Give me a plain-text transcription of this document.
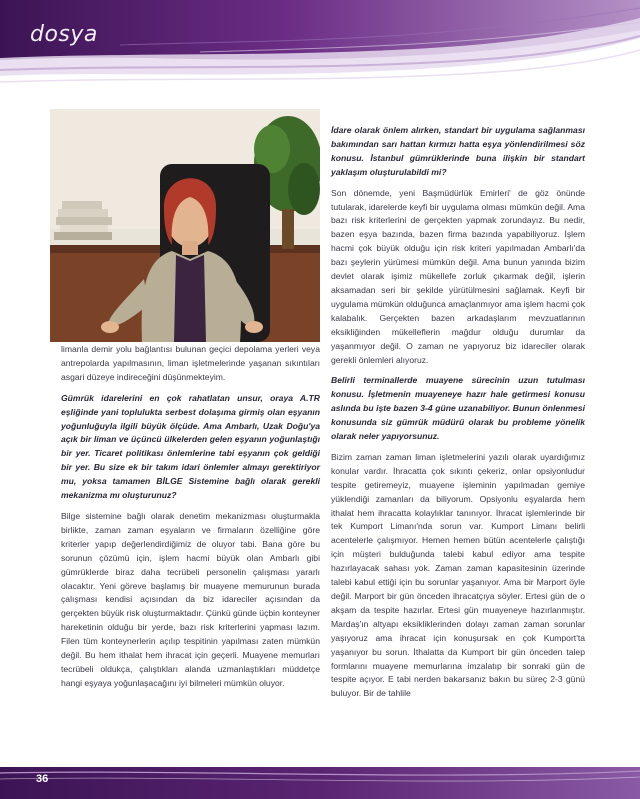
dosya

limanla demir yolu bağlantısı bulunan geçici depolama yerleri veya antrepolarda yapılmasının, liman işletmelerinde yaşanan sıkıntıları asgari düzeye indireceğini düşünmekteyim.

Gümrük idarelerini en çok rahatlatan unsur, oraya A.TR eşliğinde yani toplulukta serbest dolaşıma girmiş olan eşyanın yoğunluğuyla ilgili büyük ölçüde. Ama Ambarlı, Uzak Doğu'ya açık bir liman ve üçüncü ülkelerden gelen eşyanın yoğunlaştığı bir yer. Ticaret politikası önlemlerine tabi eşyanın çok geldiği bir yer. Bu size ek bir takım idari önlemler almayı gerektiriyor mu, yoksa tamamen BİLGE Sistemine bağlı olarak gerekli mekanizma mı oluşturunuz?

Bilge sistemine bağlı olarak denetim mekanizması oluşturmakla birlikte, zaman zaman eşyaların ve firmaların özelliğine göre kriterler yapıp değerlendirdiğimiz de oluyor tabi. Bana göre bu sorunun çözümü için, işlem hacmi büyük olan Ambarlı gibi gümrüklerde biraz daha tecrübeli personelin çalışması yararlı olacaktır. Yeni göreve başlamış bir muayene memurunun burada çalışması kendisi açısından da biz idareciler açısından da gerçekten büyük risk oluşturmaktadır. Çünkü günde üçbin konteyner hareketinin olduğu bir yerde, bazı risk kriterlerini yapması lazım. Filen tüm konteynerlerin açılıp tespitinin yapılması zaten mümkün değil. Bu hem ithalat hem ihracat için geçerli. Muayene memurları tecrübeli oldukça, çalıştıkları alanda uzmanlaştıkları müddetçe hangi eşyaya yoğunlaşacağını iyi bilmeleri mümkün oluyor.

İdare olarak önlem alırken, standart bir uygulama sağlanması bakımından sarı hattan kırmızı hatta eşya yönlendirilmesi söz konusu. İstanbul gümrüklerinde buna ilişkin bir standart yaklaşım oluşturulabildi mi?

Son dönemde, yeni Başmüdürlük Emirleri' de göz önünde tutularak, idarelerde keyfi bir uygulama olması mümkün değil. Ama bazı risk kriterlerini de gerçekten yapmak zorundayız. Bu nedir, bazen eşya bazında, bazen firma bazında yapabiliyoruz. İşlem hacmi çok büyük olduğu için risk kriteri yapılmadan Ambarlı'da bazı şeylerin yürümesi mümkün değil. Ama bunun yanında bizim devlet olarak işimiz mükellefe zorluk çıkarmak değil, işlerin aksamadan seri bir şekilde yürütülmesini sağlamak. Keyfi bir uygulama mümkün olduğunca amaçlanmıyor ama işlem hacmi çok kalabalık. Gerçekten bazen arkadaşlarım mevzuatlarının eksikliğinden mükelleflerin mağdur olduğu durumlar da yaşanmıyor değil. O zaman ne yapıyoruz biz idareciler olarak gerekli önlemleri alıyoruz.

Belirli terminallerde muayene sürecinin uzun tutulması konusu. İşletmenin muayeneye hazır hale getirmesi konusu aslında bu işte bazen 3-4 güne uzanabiliyor. Bunun önlenmesi konusunda siz gümrük müdürü olarak bu probleme yönelik olarak neler yapıyorsunuz.

Bizim zaman zaman liman işletmelerini yazılı olarak uyardığımız konular vardır. İhracatta çok sıkıntı çekeriz, onlar opsiyonludur tespite getiremeyiz, muayene işleminin yapılmadan gemiye yüklendiği zamanları da biliyorum. Opsiyonlu eşyalarda hem ithalat hem ihracatta kolaylıklar tanınıyor. İhracat işlemlerinde bir tek Kumport Limanı'nda sorun var. Kumport Limanı belirli acentelerle çalışmıyor. Hemen hemen bütün acentelerle çalıştığı için müşteri bulduğunda talebi kabul ediyor ama tespite hazırlayacak sahası yok. Zaman zaman kapasitesinin üzerinde talebi kabul ettiği için bu sorunlar yaşanıyor. Ama bir Marport öyle değil. Marport bir gün önceden ihracatçıya söyler. Ertesi gün de o akşam da tespite hazırlar. Ertesi gün muayeneye hazırlanmıştır. Mardaş'ın altyapı eksikliklerinden dolayı zaman zaman sorunlar yaşıyoruz ama ihracat için konuşursak en çok Kumport'ta yaşanıyor bu sorun. İthalatta da Kumport bir gün önceden talep formlarını muayene memurlarına imzalatıp bir sonraki gün de tespite açıyor. E tabi nerden bakarsanız bakın bu süreç 2-3 günü buluyor. Bir de tahlile

36
